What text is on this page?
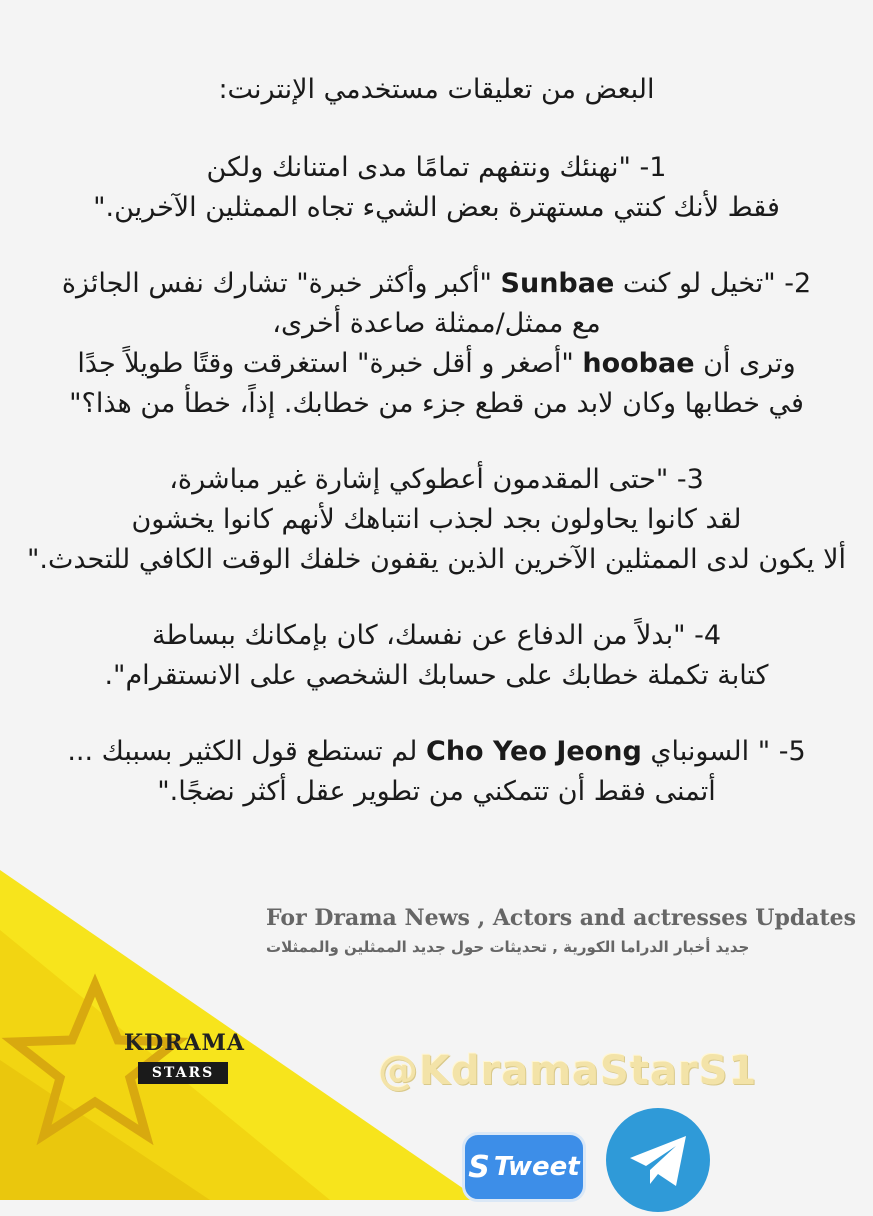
البعض من تعليقات مستخدمي الإنترنت:
1- "نهنئك ونتفهم تمامًا مدى امتنانك ولكن
فقط لأنك كنتي مستهترة بعض الشيء تجاه الممثلين الآخرين."
2- "تخيل لو كنت Sunbae "أكبر وأكثر خبرة" تشارك نفس الجائزة
مع ممثل/ممثلة صاعدة أخرى،
وترى أن hoobae "أصغر و أقل خبرة" استغرقت وقتًا طويلاً جدًا
في خطابها وكان لابد من قطع جزء من خطابك. إذاً، خطأ من هذا؟"
3- "حتى المقدمون أعطوكي إشارة غير مباشرة،
لقد كانوا يحاولون بجد لجذب انتباهك لأنهم كانوا يخشون
ألا يكون لدى الممثلين الآخرين الذين يقفون خلفك الوقت الكافي للتحدث."
4- "بدلاً من الدفاع عن نفسك، كان بإمكانك ببساطة
كتابة تكملة خطابك على حسابك الشخصي على الانستقرام".
5- " السونباي Cho Yeo Jeong لم تستطع قول الكثير بسببك ...
أتمنى فقط أن تتمكني من تطوير عقل أكثر نضجًا."
For Drama News , Actors and actresses Updates
جديد أخبار الدراما الكورية , تحديثات حول جديد الممثلين والممثلات
KDRAMA
STARS	@KdramaStarS1
S Tweet
